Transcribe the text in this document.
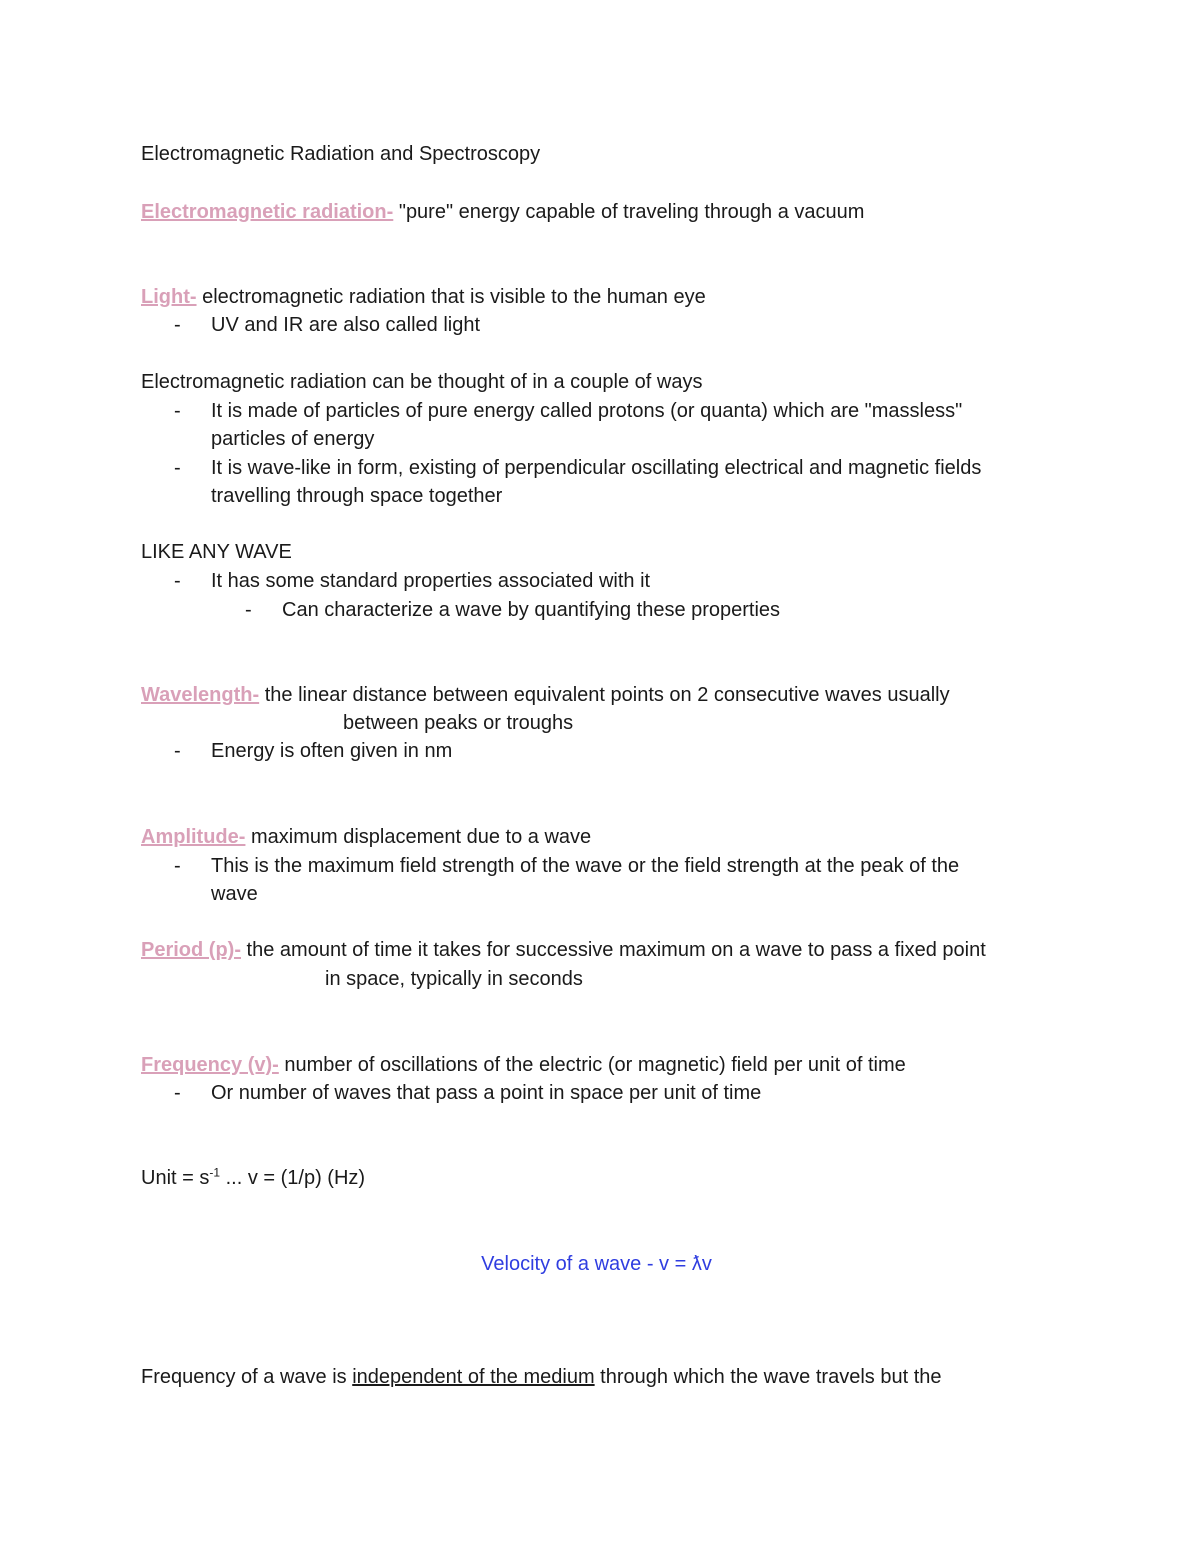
Electromagnetic Radiation and Spectroscopy
Electromagnetic radiation- "pure" energy capable of traveling through a vacuum
Light- electromagnetic radiation that is visible to the human eye
-	UV and IR are also called light
Electromagnetic radiation can be thought of in a couple of ways
-	It is made of particles of pure energy called protons (or quanta) which are "massless"
particles of energy
-	It is wave-like in form, existing of perpendicular oscillating electrical and magnetic fields
travelling through space together
LIKE ANY WAVE
-	It has some standard properties associated with it
-	Can characterize a wave by quantifying these properties
Wavelength- the linear distance between equivalent points on 2 consecutive waves usually
between peaks or troughs
-	Energy is often given in nm
Amplitude- maximum displacement due to a wave
-	This is the maximum field strength of the wave or the field strength at the peak of the
wave
Period (p)- the amount of time it takes for successive maximum on a wave to pass a fixed point
in space, typically in seconds
Frequency (v)- number of oscillations of the electric (or magnetic) field per unit of time
-	Or number of waves that pass a point in space per unit of time
Unit = $s^{-1}$ ... v = (1/p) (Hz)
Velocity of a wave - v = ƛv
Frequency of a wave is independent of the medium through which the wave travels but the
